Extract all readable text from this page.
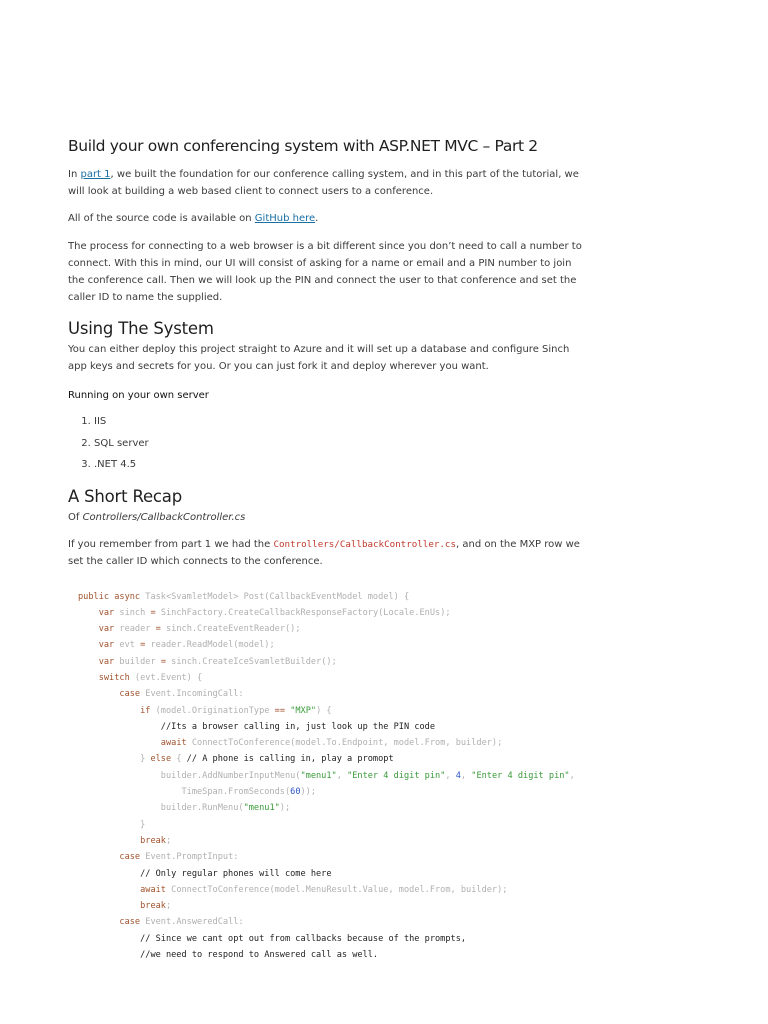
Build your own conferencing system with ASP.NET MVC – Part 2

In part 1, we built the foundation for our conference calling system, and in this part of the tutorial, we will look at building a web based client to connect users to a conference.

All of the source code is available on GitHub here.

The process for connecting to a web browser is a bit different since you don’t need to call a number to connect. With this in mind, our UI will consist of asking for a name or email and a PIN number to join the conference call. Then we will look up the PIN and connect the user to that conference and set the caller ID to name the supplied.

Using The System

You can either deploy this project straight to Azure and it will set up a database and configure Sinch app keys and secrets for you. Or you can just fork it and deploy wherever you want.

Running on your own server
1. IIS
2. SQL server
3. .NET 4.5
A Short Recap

Of Controllers/CallbackController.cs

If you remember from part 1 we had the Controllers/CallbackController.cs, and on the MXP row we set the caller ID which connects to the conference.

public async Task<SvamletModel> Post(CallbackEventModel model) {
var sinch = SinchFactory.CreateCallbackResponseFactory(Locale.EnUs);
var reader = sinch.CreateEventReader();
var evt = reader.ReadModel(model);
var builder = sinch.CreateIceSvamletBuilder();
switch (evt.Event) {
case Event.IncomingCall:
if (model.OriginationType == "MXP") {
//Its a browser calling in, just look up the PIN code
await ConnectToConference(model.To.Endpoint, model.From, builder);
} else { // A phone is calling in, play a promopt
builder.AddNumberInputMenu("menu1", "Enter 4 digit pin", 4, "Enter 4 digit pin",
TimeSpan.FromSeconds(60));
builder.RunMenu("menu1");
}
break;
case Event.PromptInput:
// Only regular phones will come here
await ConnectToConference(model.MenuResult.Value, model.From, builder);
break;
case Event.AnsweredCall:
// Since we cant opt out from callbacks because of the prompts,
//we need to respond to Answered call as well.
